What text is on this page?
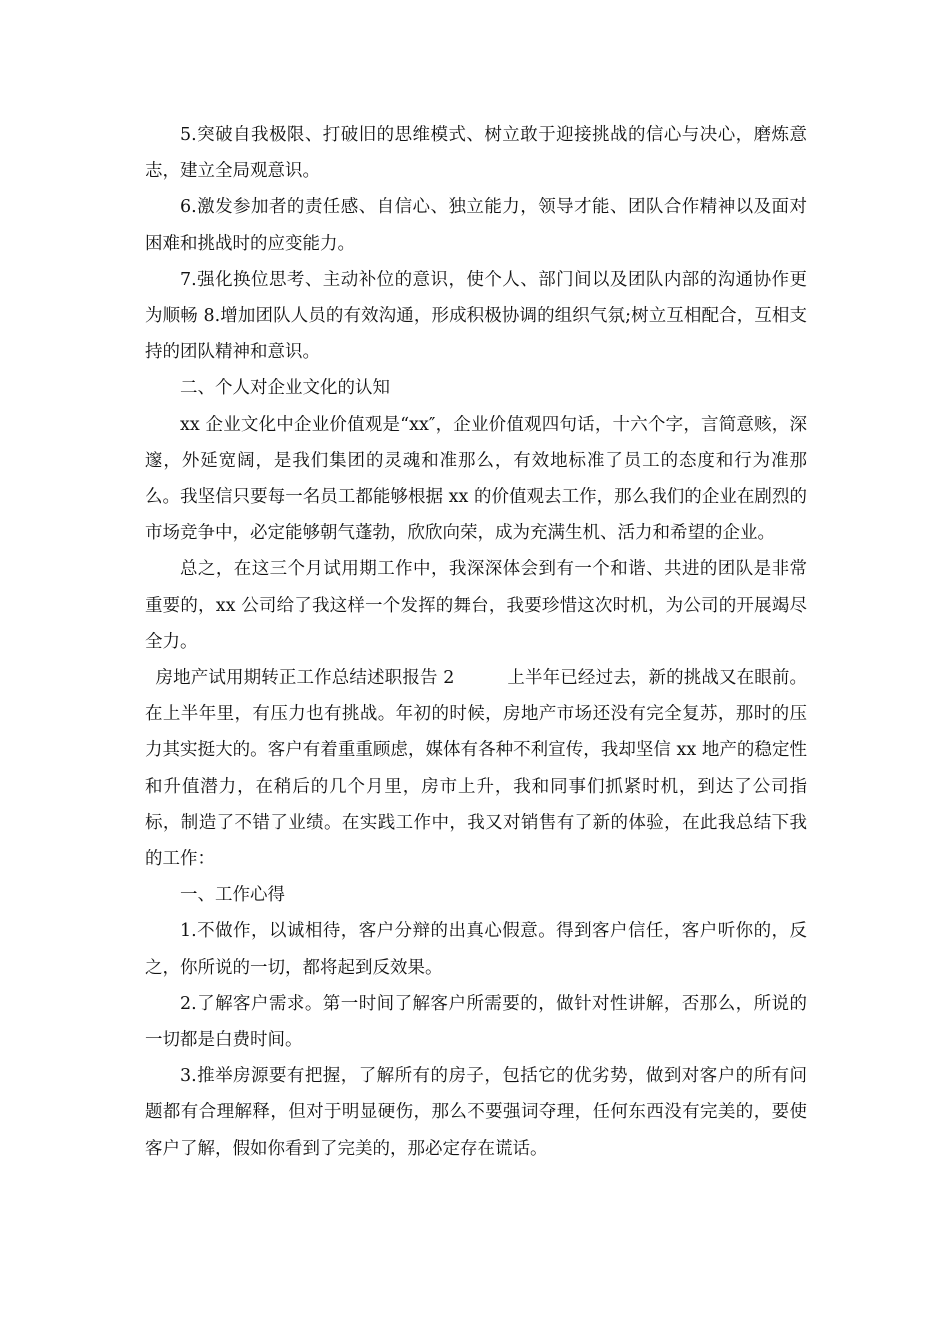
5.突破自我极限、打破旧的思维模式、树立敢于迎接挑战的信心与决心，磨炼意志，建立全局观意识。

6.激发参加者的责任感、自信心、独立能力，领导才能、团队合作精神以及面对困难和挑战时的应变能力。

7.强化换位思考、主动补位的意识，使个人、部门间以及团队内部的沟通协作更为顺畅 8.增加团队人员的有效沟通，形成积极协调的组织气氛;树立互相配合，互相支持的团队精神和意识。

二、个人对企业文化的认知

xx 企业文化中企业价值观是“xx″，企业价值观四句话，十六个字，言简意赅，深邃，外延宽阔，是我们集团的灵魂和准那么，有效地标准了员工的态度和行为准那么。我坚信只要每一名员工都能够根据 xx 的价值观去工作，那么我们的企业在剧烈的市场竞争中，必定能够朝气蓬勃，欣欣向荣，成为充满生机、活力和希望的企业。

总之，在这三个月试用期工作中，我深深体会到有一个和谐、共进的团队是非常重要的，xx 公司给了我这样一个发挥的舞台，我要珍惜这次时机，为公司的开展竭尽全力。

房地产试用期转正工作总结述职报告 2　　　上半年已经过去，新的挑战又在眼前。在上半年里，有压力也有挑战。年初的时候，房地产市场还没有完全复苏，那时的压力其实挺大的。客户有着重重顾虑，媒体有各种不利宣传，我却坚信 xx 地产的稳定性和升值潜力，在稍后的几个月里，房市上升，我和同事们抓紧时机，到达了公司指标，制造了不错了业绩。在实践工作中，我又对销售有了新的体验，在此我总结下我的工作：

一、工作心得

1.不做作，以诚相待，客户分辩的出真心假意。得到客户信任，客户听你的，反之，你所说的一切，都将起到反效果。

2.了解客户需求。第一时间了解客户所需要的，做针对性讲解，否那么，所说的一切都是白费时间。

3.推举房源要有把握，了解所有的房子，包括它的优劣势，做到对客户的所有问题都有合理解释，但对于明显硬伤，那么不要强词夺理，任何东西没有完美的，要使客户了解，假如你看到了完美的，那必定存在谎话。
